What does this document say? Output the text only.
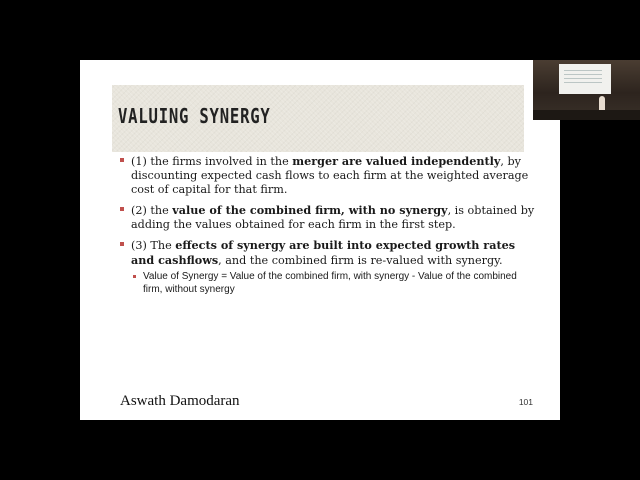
VALUING SYNERGY
(1) the firms involved in the merger are valued independently, by discounting expected cash flows to each firm at the weighted average cost of capital for that firm.
(2) the value of the combined firm, with no synergy, is obtained by adding the values obtained for each firm in the first step.
(3) The effects of synergy are built into expected growth rates and cashflows, and the combined firm is re-valued with synergy.
Value of Synergy = Value of the combined firm, with synergy - Value of the combined firm, without synergy
Aswath Damodaran	101
